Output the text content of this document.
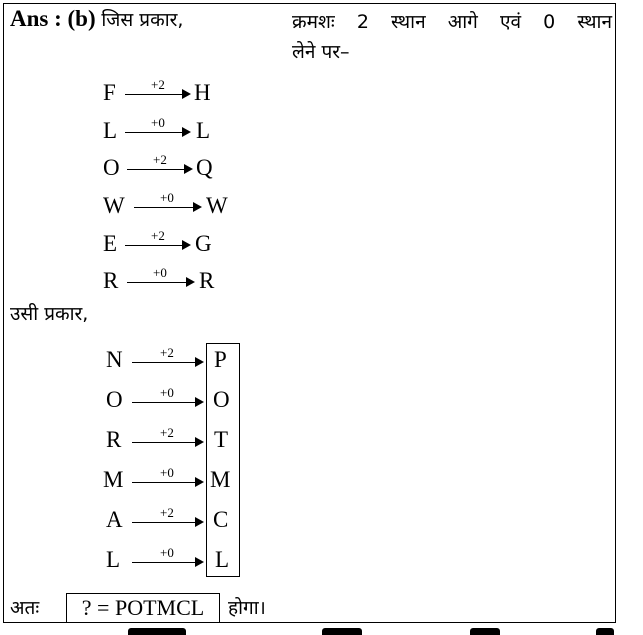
Ans : (b) जिस प्रकार,	क्रमशः 2 स्थान आगे एवं 0 स्थान
लेने पर–
F	+2 H
L	+0 L
O	+2 Q
W	+0 W
E	+2 G
R	+0 R
उसी प्रकार,
N	+2 P
O	+0 O
R	+2 T
M	+0 M
A	+2 C
L	+0 L
अतः	? = POTMCL	होगा।
